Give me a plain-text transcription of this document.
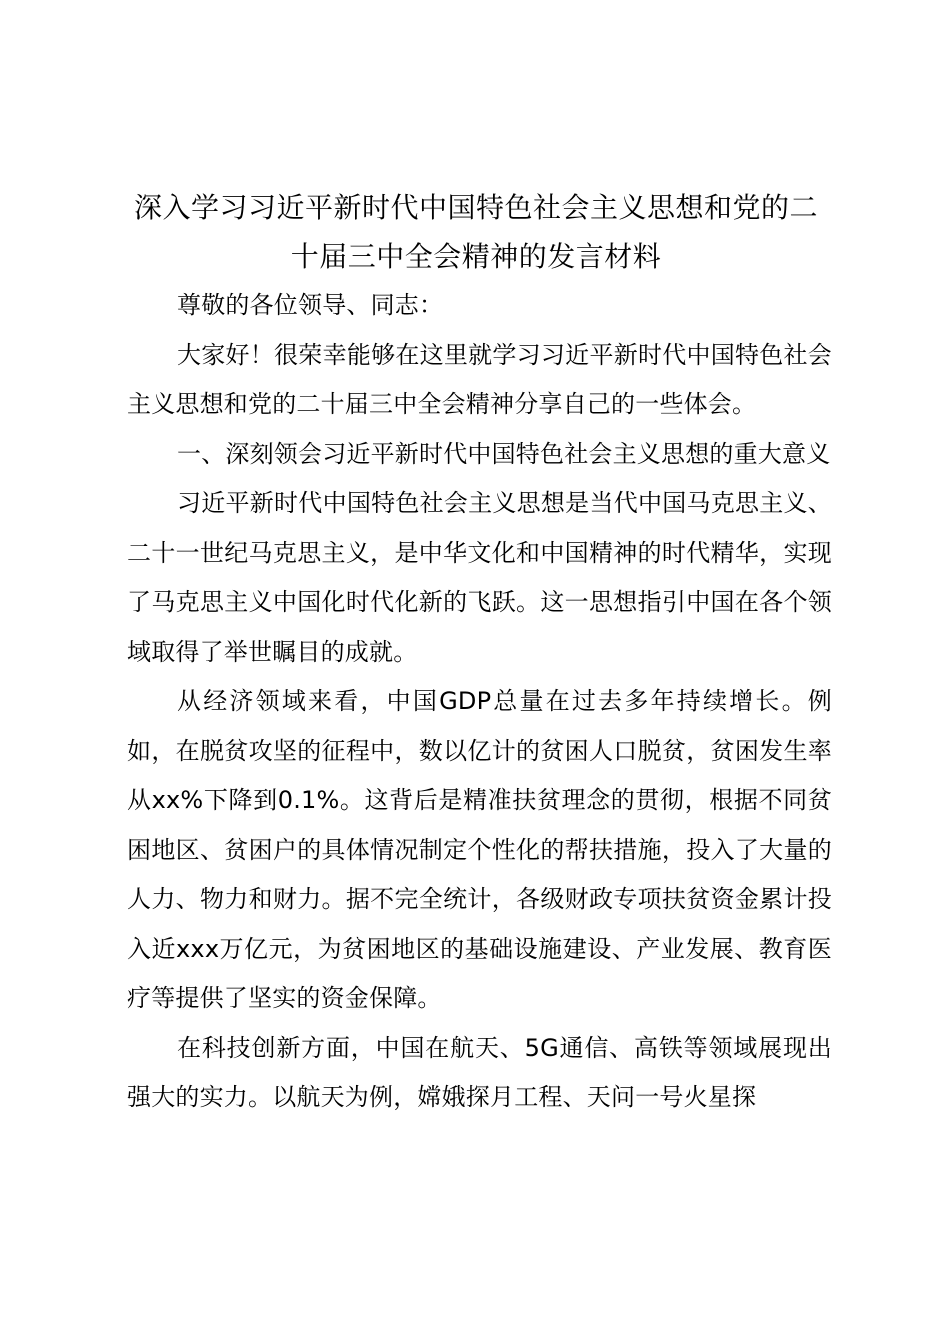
深入学习习近平新时代中国特色社会主义思想和党的二十届三中全会精神的发言材料

尊敬的各位领导、同志：

大家好！很荣幸能够在这里就学习习近平新时代中国特色社会主义思想和党的二十届三中全会精神分享自己的一些体会。

一、深刻领会习近平新时代中国特色社会主义思想的重大意义

习近平新时代中国特色社会主义思想是当代中国马克思主义、二十一世纪马克思主义，是中华文化和中国精神的时代精华，实现了马克思主义中国化时代化新的飞跃。这一思想指引中国在各个领域取得了举世瞩目的成就。

从经济领域来看，中国GDP总量在过去多年持续增长。例如，在脱贫攻坚的征程中，数以亿计的贫困人口脱贫，贫困发生率从xx%下降到0.1%。这背后是精准扶贫理念的贯彻，根据不同贫困地区、贫困户的具体情况制定个性化的帮扶措施，投入了大量的人力、物力和财力。据不完全统计，各级财政专项扶贫资金累计投入近xxx万亿元，为贫困地区的基础设施建设、产业发展、教育医疗等提供了坚实的资金保障。

在科技创新方面，中国在航天、5G通信、高铁等领域展现出强大的实力。以航天为例，嫦娥探月工程、天问一号火星探
